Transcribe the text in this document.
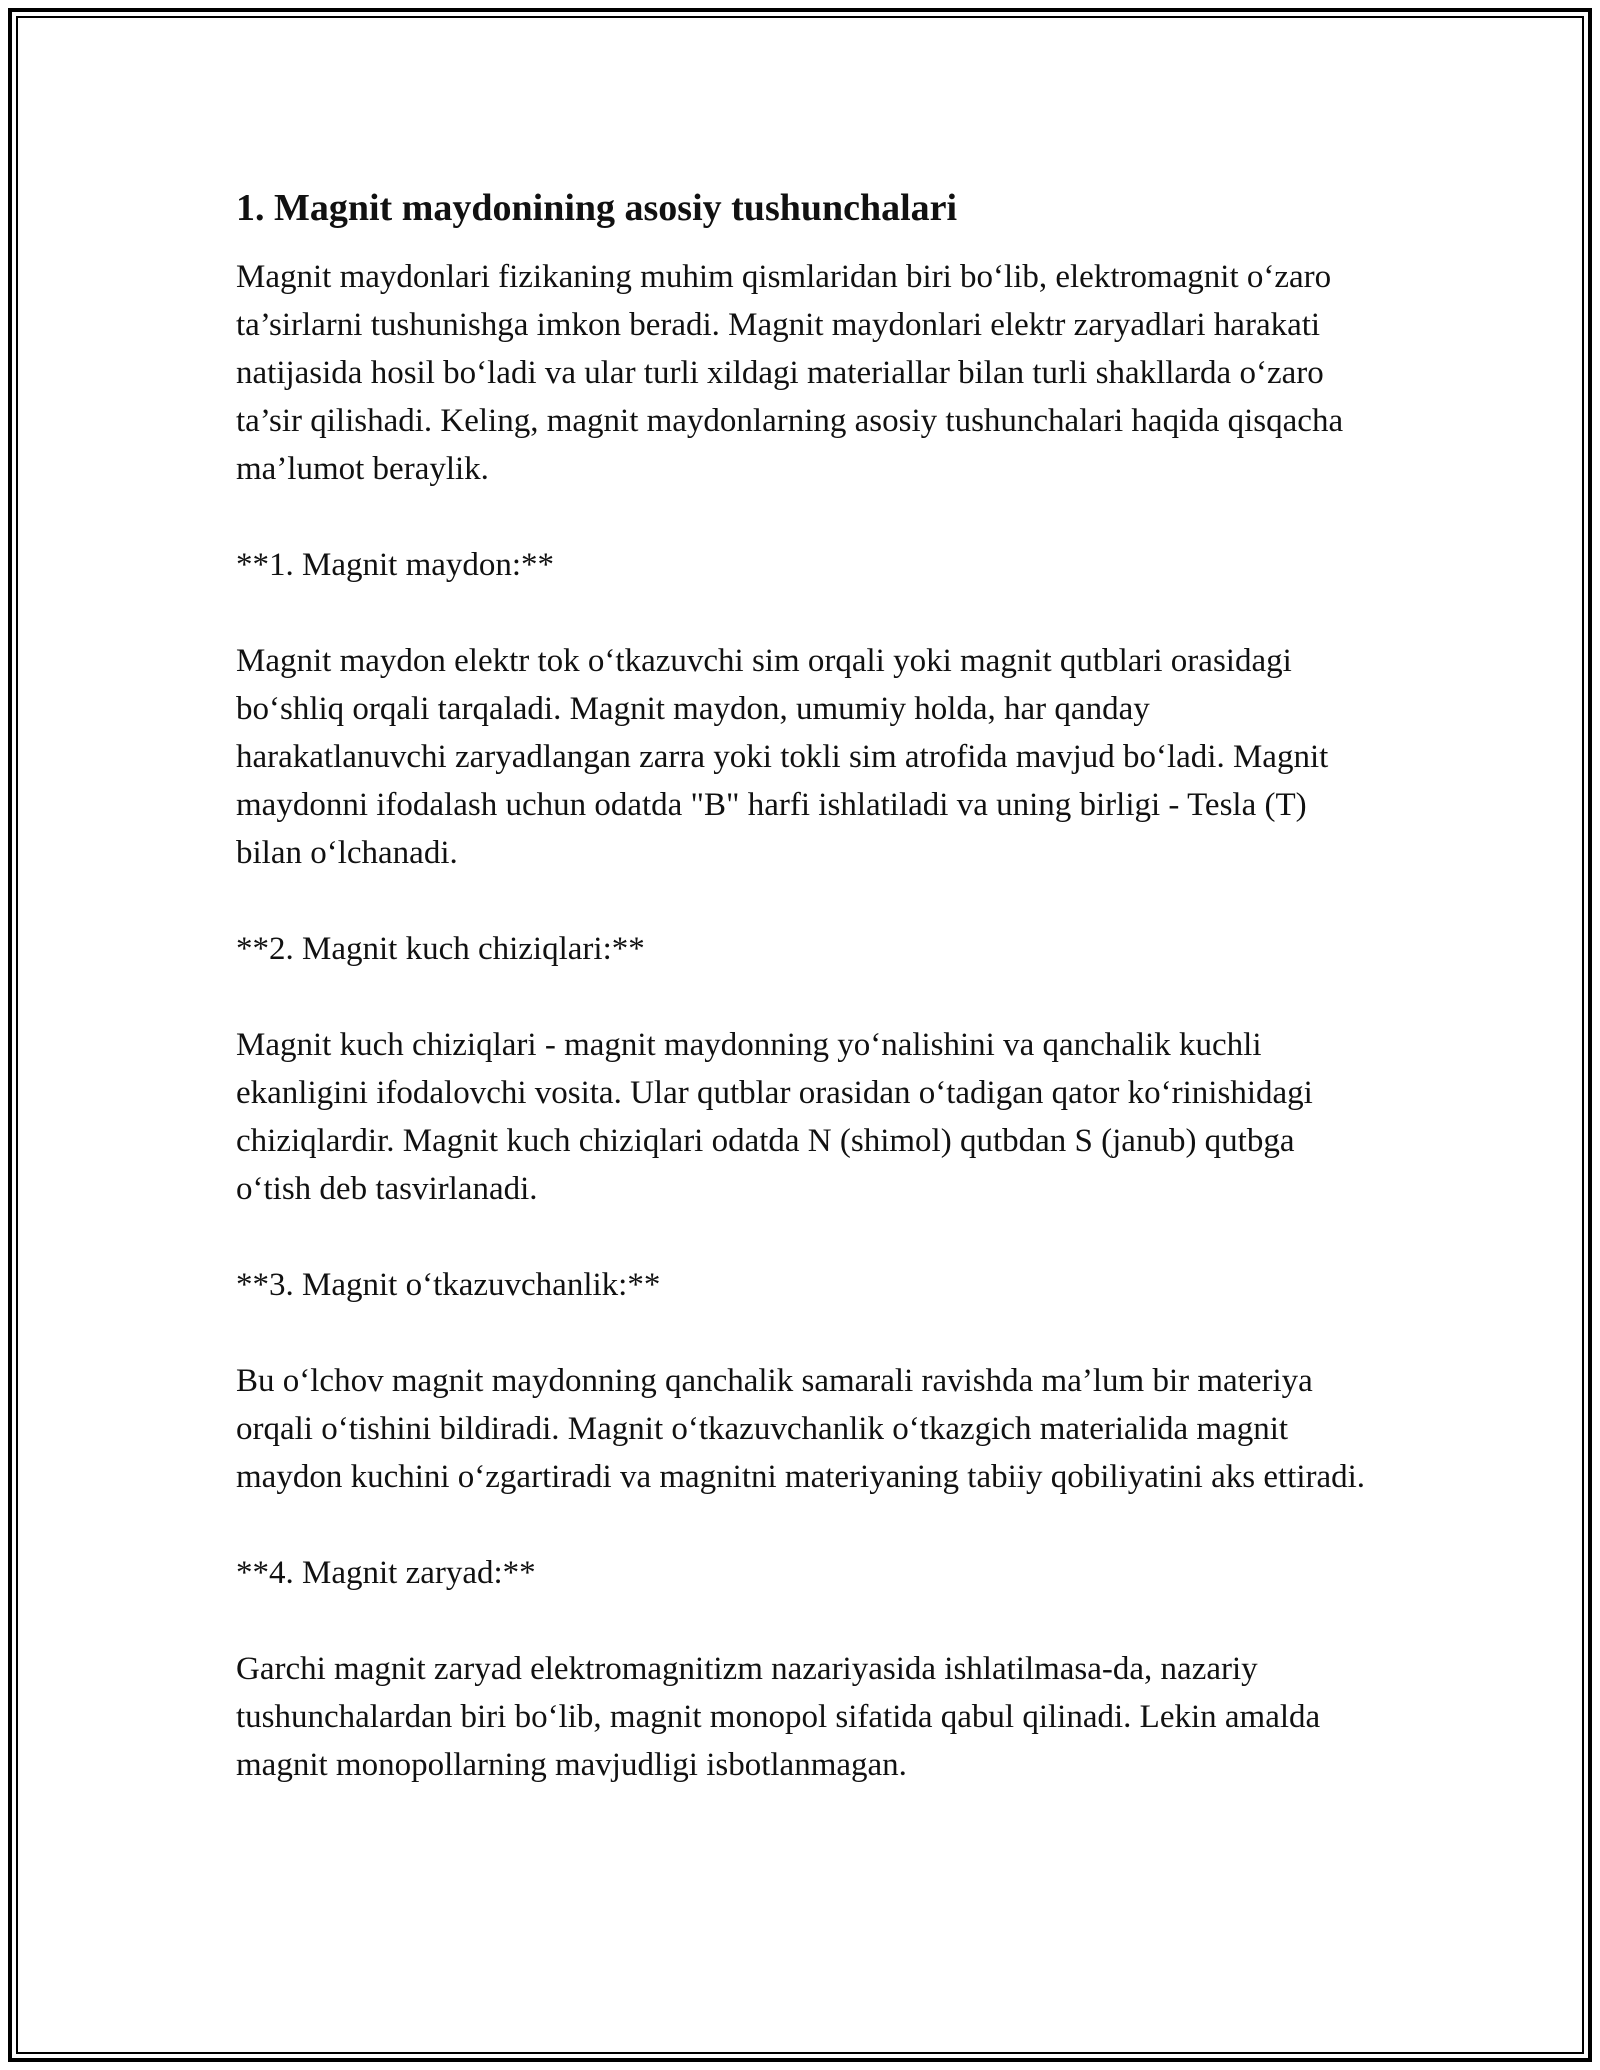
1. Magnit maydonining asosiy tushunchalari

Magnit maydonlari fizikaning muhim qismlaridan biri bo‘lib, elektromagnit o‘zaro ta’sirlarni tushunishga imkon beradi. Magnit maydonlari elektr zaryadlari harakati natijasida hosil bo‘ladi va ular turli xildagi materiallar bilan turli shakllarda o‘zaro ta’sir qilishadi. Keling, magnit maydonlarning asosiy tushunchalari haqida qisqacha ma’lumot beraylik.

**1. Magnit maydon:**

Magnit maydon elektr tok o‘tkazuvchi sim orqali yoki magnit qutblari orasidagi bo‘shliq orqali tarqaladi. Magnit maydon, umumiy holda, har qanday harakatlanuvchi zaryadlangan zarra yoki tokli sim atrofida mavjud bo‘ladi. Magnit maydonni ifodalash uchun odatda "B" harfi ishlatiladi va uning birligi - Tesla (T) bilan o‘lchanadi.

**2. Magnit kuch chiziqlari:**

Magnit kuch chiziqlari - magnit maydonning yo‘nalishini va qanchalik kuchli ekanligini ifodalovchi vosita. Ular qutblar orasidan o‘tadigan qator ko‘rinishidagi chiziqlardir. Magnit kuch chiziqlari odatda N (shimol) qutbdan S (janub) qutbga o‘tish deb tasvirlanadi.

**3. Magnit o‘tkazuvchanlik:**

Bu o‘lchov magnit maydonning qanchalik samarali ravishda ma’lum bir materiya orqali o‘tishini bildiradi. Magnit o‘tkazuvchanlik o‘tkazgich materialida magnit maydon kuchini o‘zgartiradi va magnitni materiyaning tabiiy qobiliyatini aks ettiradi.

**4. Magnit zaryad:**

Garchi magnit zaryad elektromagnitizm nazariyasida ishlatilmasa-da, nazariy tushunchalardan biri bo‘lib, magnit monopol sifatida qabul qilinadi. Lekin amalda magnit monopollarning mavjudligi isbotlanmagan.
